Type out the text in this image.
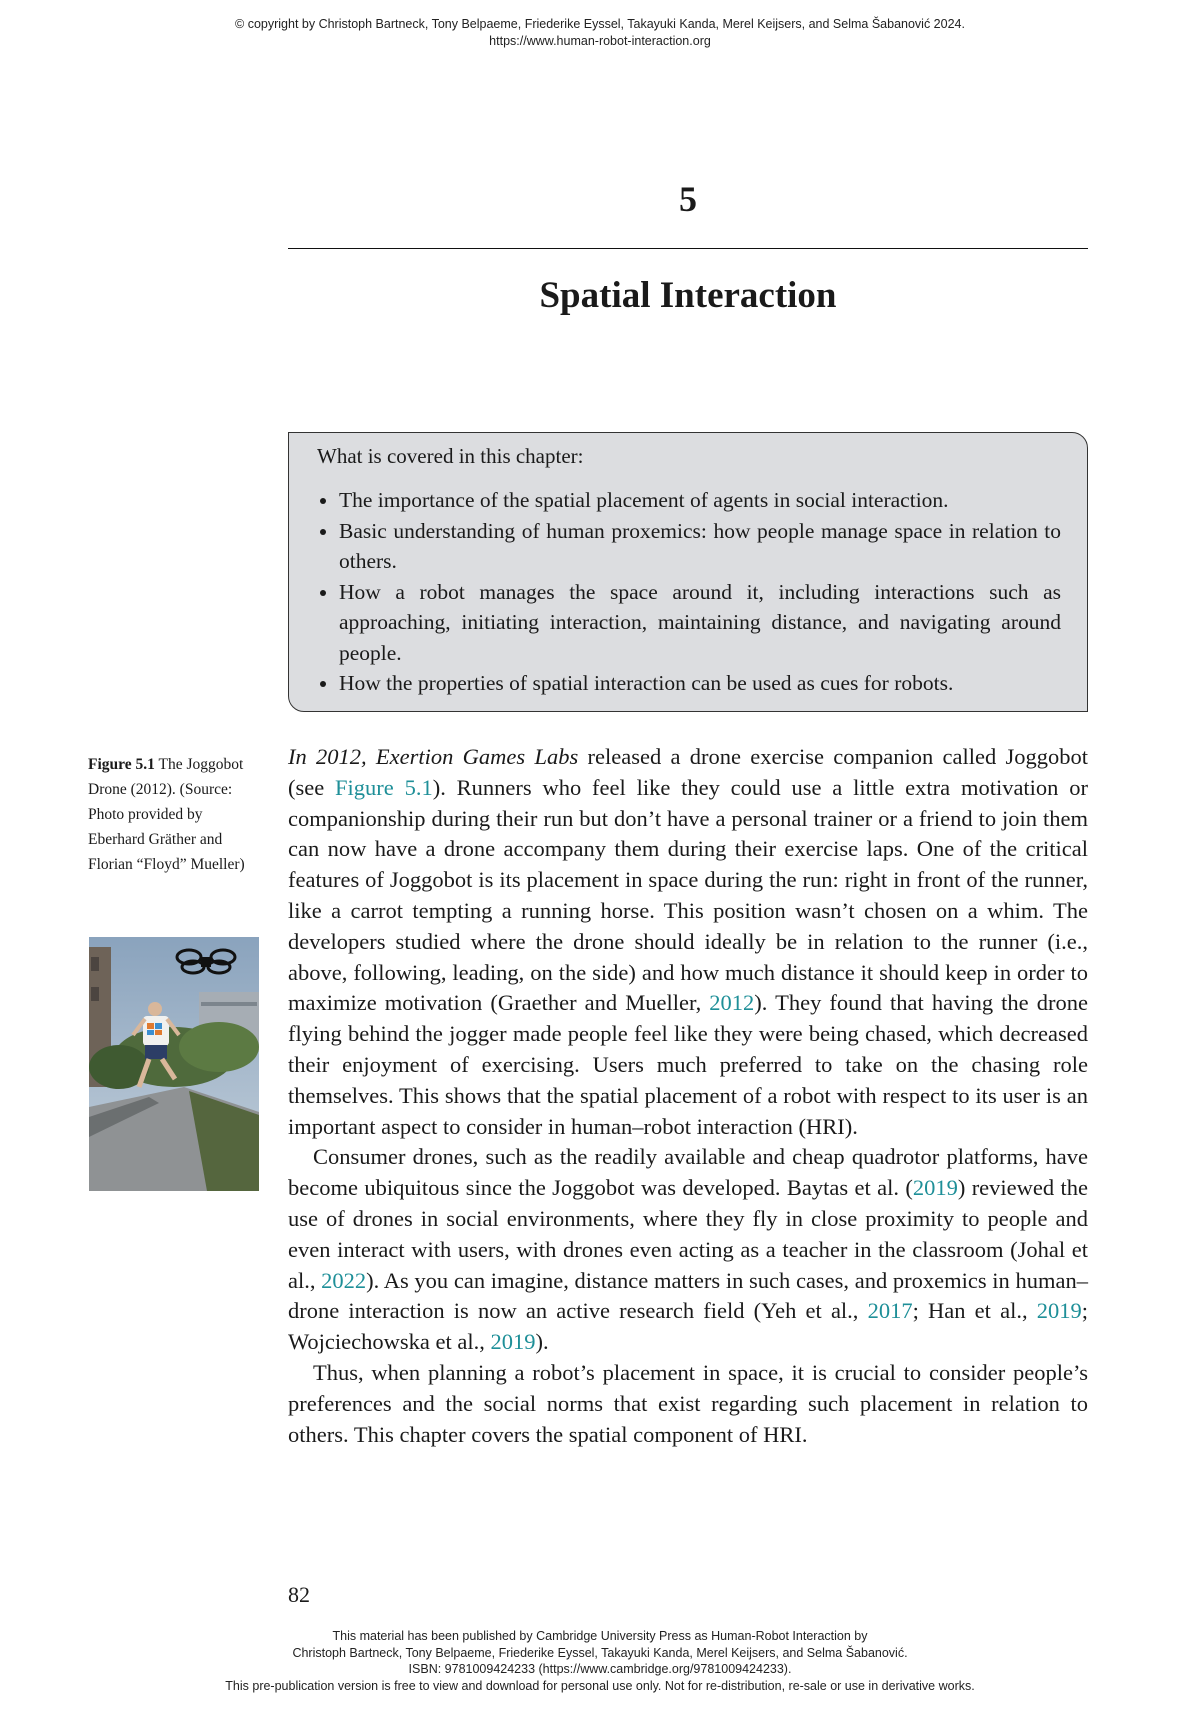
© copyright by Christoph Bartneck, Tony Belpaeme, Friederike Eyssel, Takayuki Kanda, Merel Keijsers, and Selma Šabanović 2024.
https://www.human-robot-interaction.org
5
Spatial Interaction
What is covered in this chapter:
• The importance of the spatial placement of agents in social interaction.
• Basic understanding of human proxemics: how people manage space in relation to others.
• How a robot manages the space around it, including interactions such as approaching, initiating interaction, maintaining distance, and navigating around people.
• How the properties of spatial interaction can be used as cues for robots.
Figure 5.1 The Joggobot Drone (2012). (Source: Photo provided by Eberhard Gräther and Florian “Floyd” Mueller)

In 2012, Exertion Games Labs released a drone exercise companion called Joggobot (see Figure 5.1). Runners who feel like they could use a little extra motivation or companionship during their run but don’t have a personal trainer or a friend to join them can now have a drone accompany them during their exercise laps. One of the critical features of Joggobot is its placement in space during the run: right in front of the runner, like a carrot tempting a running horse. This position wasn’t chosen on a whim. The developers studied where the drone should ideally be in relation to the runner (i.e., above, following, leading, on the side) and how much distance it should keep in order to maximize motivation (Graether and Mueller, 2012). They found that having the drone flying behind the jogger made people feel like they were being chased, which decreased their enjoyment of exercising. Users much preferred to take on the chasing role themselves. This shows that the spatial placement of a robot with respect to its user is an important aspect to consider in human–robot interaction (HRI).

Consumer drones, such as the readily available and cheap quadrotor platforms, have become ubiquitous since the Joggobot was developed. Baytas et al. (2019) reviewed the use of drones in social environments, where they fly in close proximity to people and even interact with users, with drones even acting as a teacher in the classroom (Johal et al., 2022). As you can imagine, distance matters in such cases, and proxemics in human–drone interaction is now an active research field (Yeh et al., 2017; Han et al., 2019; Wojciechowska et al., 2019).

Thus, when planning a robot’s placement in space, it is crucial to consider people’s preferences and the social norms that exist regarding such placement in relation to others. This chapter covers the spatial component of HRI.

82
This material has been published by Cambridge University Press as Human-Robot Interaction by
Christoph Bartneck, Tony Belpaeme, Friederike Eyssel, Takayuki Kanda, Merel Keijsers, and Selma Šabanović.
ISBN: 9781009424233 (https://www.cambridge.org/9781009424233).
This pre-publication version is free to view and download for personal use only. Not for re-distribution, re-sale or use in derivative works.
